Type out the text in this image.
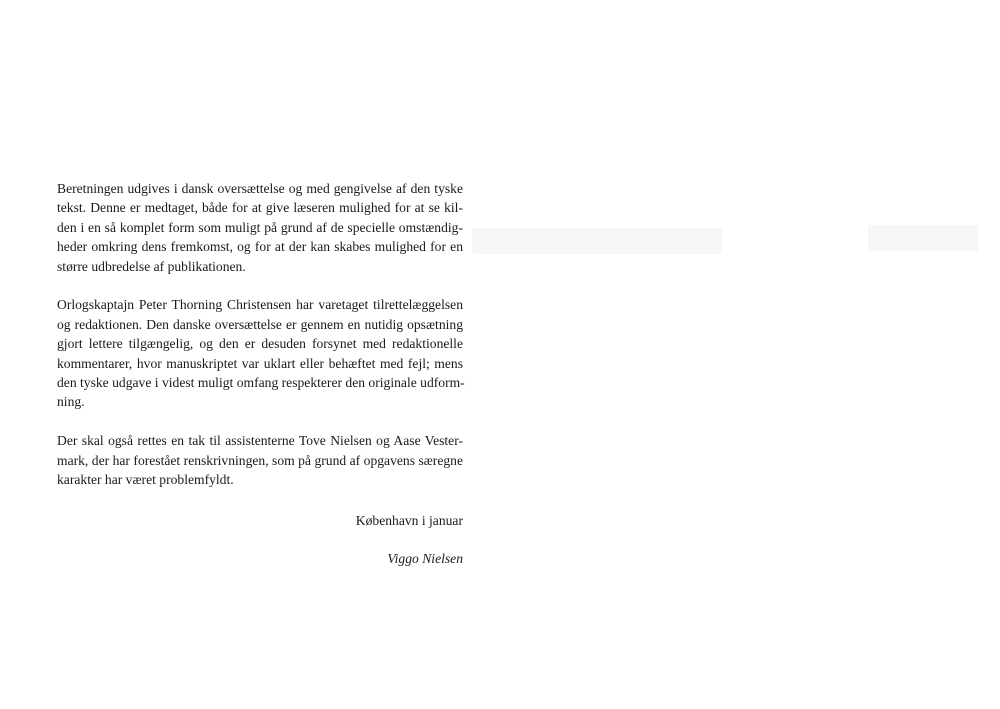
Beretningen udgives i dansk oversættelse og med gengivelse af den tyske
tekst. Denne er medtaget, både for at give læseren mulighed for at se kil-
den i en så komplet form som muligt på grund af de specielle omstændig-
heder omkring dens fremkomst, og for at der kan skabes mulighed for en
større udbredelse af publikationen.

Orlogskaptajn Peter Thorning Christensen har varetaget tilrettelæggelsen
og redaktionen. Den danske oversættelse er gennem en nutidig opsætning
gjort lettere tilgængelig, og den er desuden forsynet med redaktionelle
kommentarer, hvor manuskriptet var uklart eller behæftet med fejl; mens
den tyske udgave i videst muligt omfang respekterer den originale udform-
ning.

Der skal også rettes en tak til assistenterne Tove Nielsen og Aase Vester-
mark, der har forestået renskrivningen, som på grund af opgavens særegne
karakter har været problemfyldt.

København i januar
Viggo Nielsen
